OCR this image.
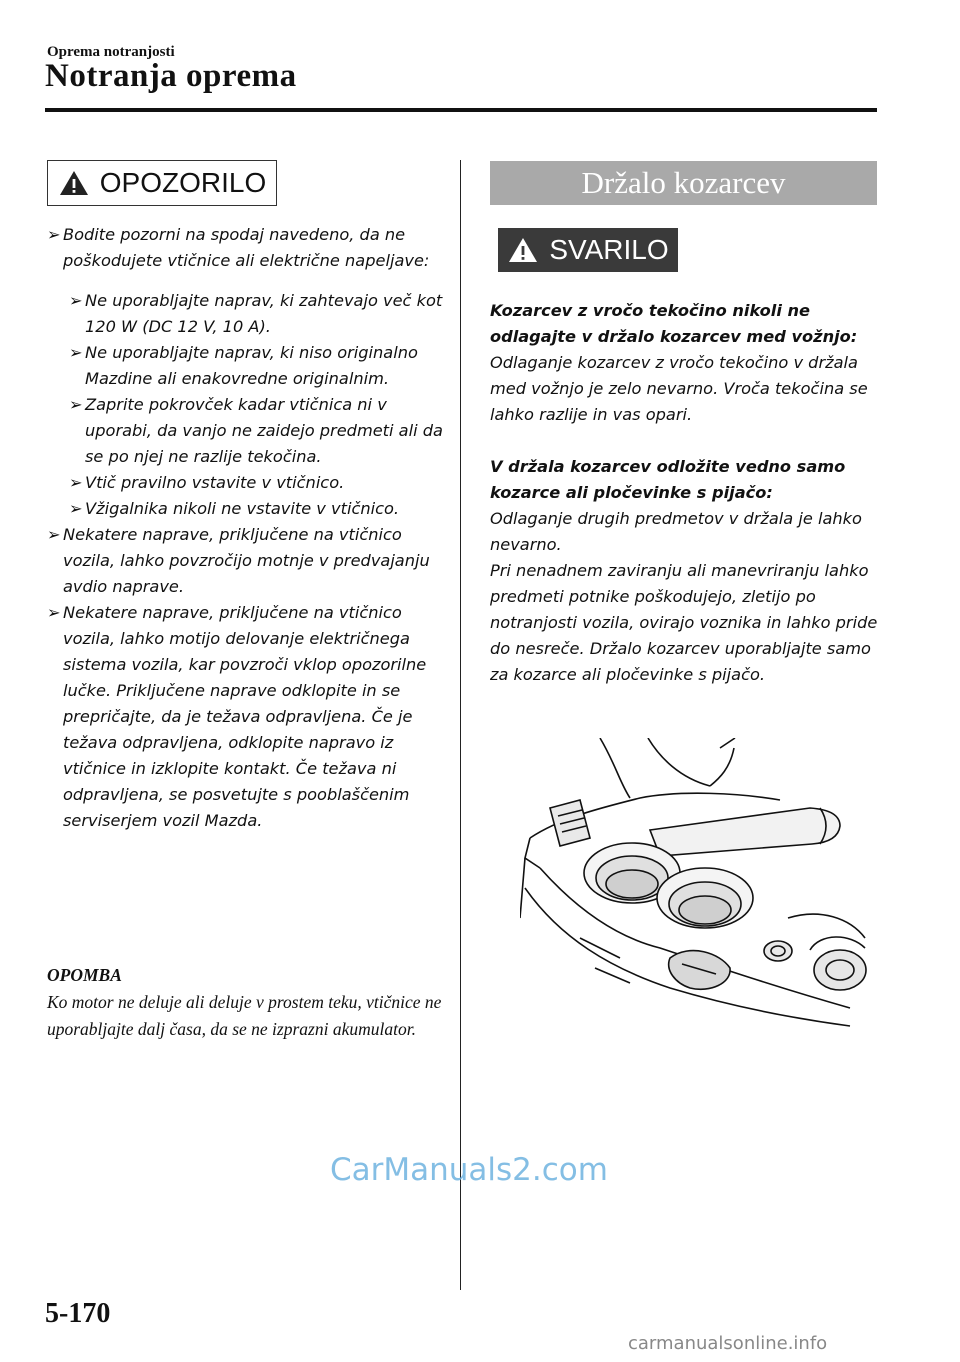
Oprema notranjosti
Notranja oprema
OPOZORILO
➢ Bodite pozorni na spodaj navedeno, da ne poškodujete vtičnice ali električne napeljave:
➢ Ne uporabljajte naprav, ki zahtevajo več kot 120 W (DC 12 V, 10 A).
➢ Ne uporabljajte naprav, ki niso originalno Mazdine ali enakovredne originalnim.
➢ Zaprite pokrovček kadar vtičnica ni v uporabi, da vanjo ne zaidejo predmeti ali da se po njej ne razlije tekočina.
➢ Vtič pravilno vstavite v vtičnico.
➢ Vžigalnika nikoli ne vstavite v vtičnico.
➢ Nekatere naprave, priključene na vtičnico vozila, lahko povzročijo motnje v predvajanju avdio naprave.
➢ Nekatere naprave, priključene na vtičnico vozila, lahko motijo delovanje električnega sistema vozila, kar povzroči vklop opozorilne lučke. Priključene naprave odklopite in se prepričajte, da je težava odpravljena. Če je težava odpravljena, odklopite napravo iz vtičnice in izklopite kontakt. Če težava ni odpravljena, se posvetujte s pooblaščenim serviserjem vozil Mazda.
OPOMBA
Ko motor ne deluje ali deluje v prostem teku, vtičnice ne uporabljajte dalj časa, da se ne izprazni akumulator.
Držalo kozarcev
SVARILO

Kozarcev z vročo tekočino nikoli ne odlagajte v držalo kozarcev med vožnjo:

Odlaganje kozarcev z vročo tekočino v držala med vožnjo je zelo nevarno. Vroča tekočina se lahko razlije in vas opari.

V držala kozarcev odložite vedno samo kozarce ali pločevinke s pijačo:

Odlaganje drugih predmetov v držala je lahko nevarno.

Pri nenadnem zaviranju ali manevriranju lahko predmeti potnike poškodujejo, zletijo po notranjosti vozila, ovirajo voznika in lahko pride do nesreče. Držalo kozarcev uporabljajte samo za kozarce ali pločevinke s pijačo.

CarManuals2.com
5-170
carmanualsonline.info
